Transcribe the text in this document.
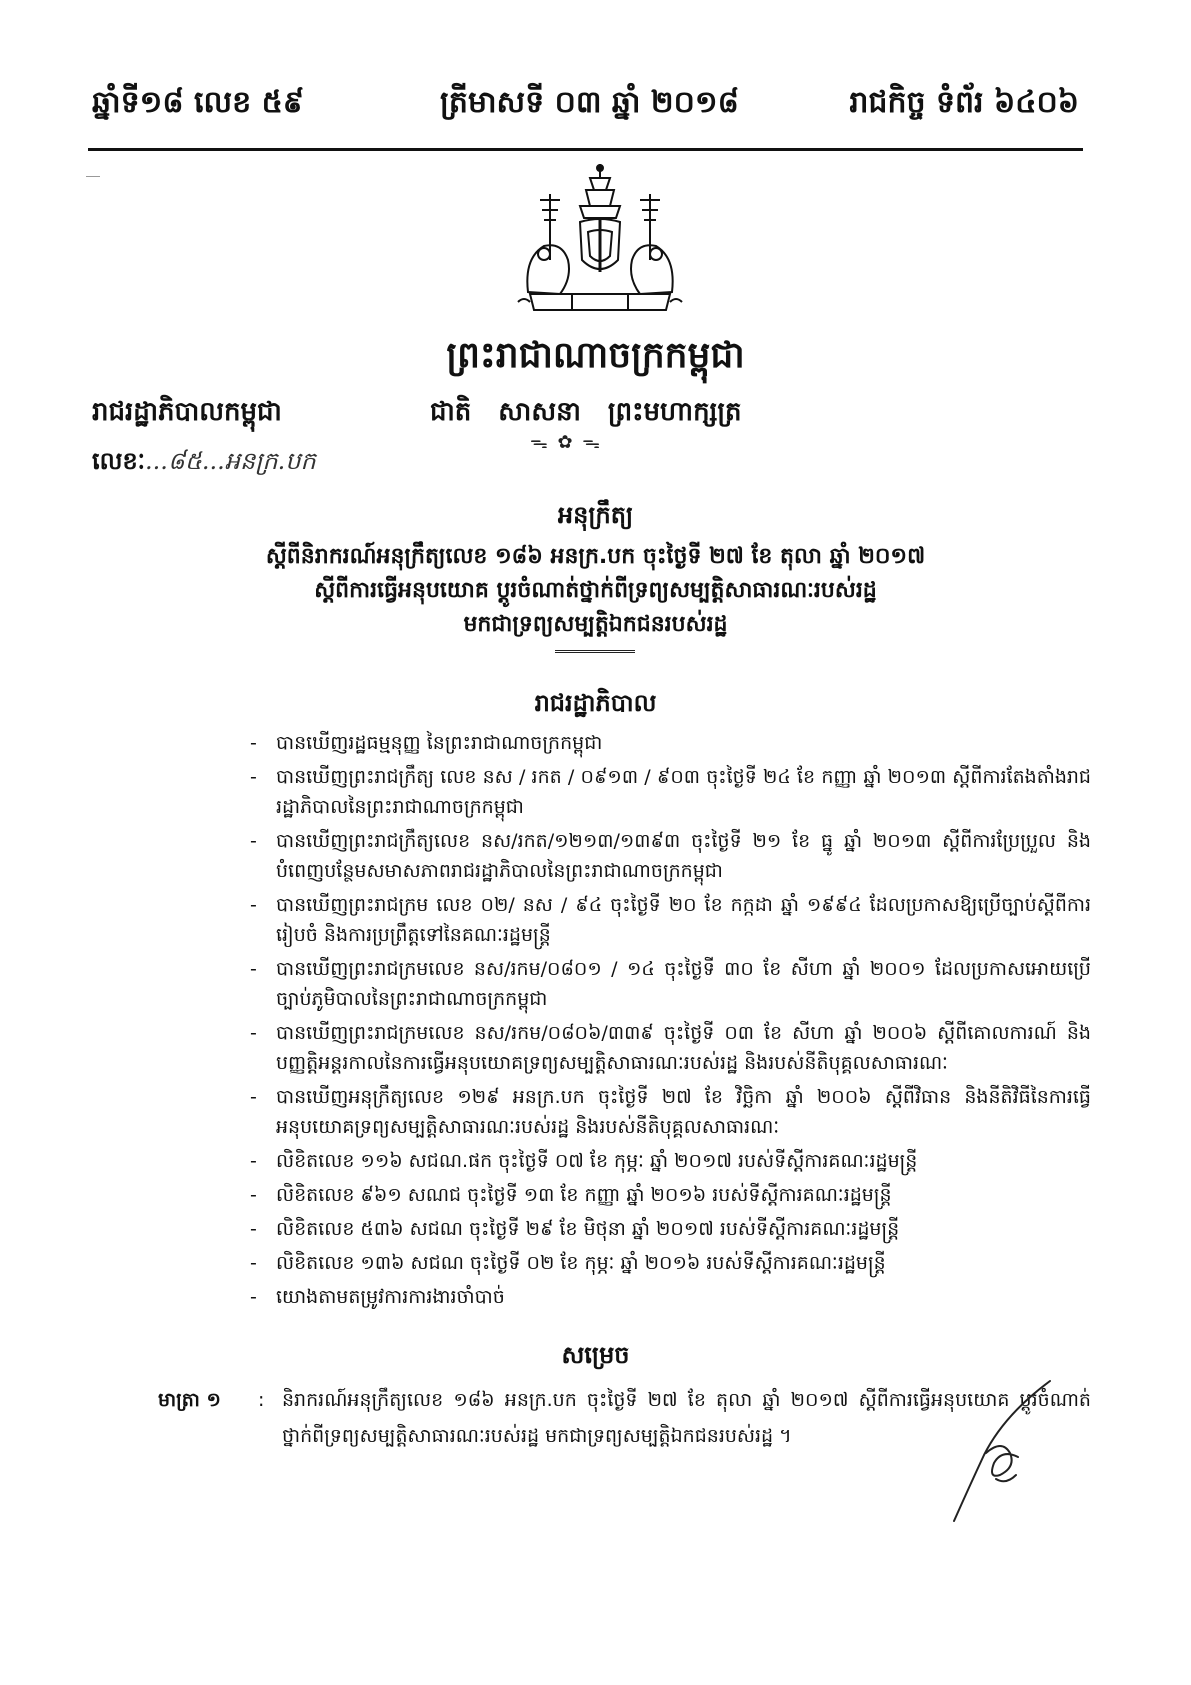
ឆ្នាំទី១៨ លេខ ៥៩	ត្រីមាសទី ០៣ ឆ្នាំ ២០១៨	រាជកិច្ច ទំព័រ ៦៤០៦
ព្រះរាជាណាចក្រកម្ពុជា
រាជរដ្ឋាភិបាលកម្ពុជា	ជាតិ សាសនា ព្រះមហាក្សត្រ
ᯓ ✿ ᯓ
លេខៈ...៨៥...អនក្រ.បក
អនុក្រឹត្យ
ស្តីពីនិរាករណ៍អនុក្រឹត្យលេខ ១៨៦ អនក្រ.បក ចុះថ្ងៃទី ២៧ ខែ តុលា ឆ្នាំ ២០១៧
ស្តីពីការធ្វើអនុបយោគ ប្តូរចំណាត់ថ្នាក់ពីទ្រព្យសម្បត្តិសាធារណៈរបស់រដ្ឋ
មកជាទ្រព្យសម្បត្តិឯកជនរបស់រដ្ឋ
រាជរដ្ឋាភិបាល
- បានឃើញរដ្ឋធម្មនុញ្ញ នៃព្រះរាជាណាចក្រកម្ពុជា
- បានឃើញព្រះរាជក្រឹត្យ លេខ នស / រកត / ០៩១៣ / ៩០៣ ចុះថ្ងៃទី ២៤ ខែ កញ្ញា ឆ្នាំ ២០១៣ ស្តីពីការតែងតាំងរាជរដ្ឋាភិបាលនៃព្រះរាជាណាចក្រកម្ពុជា
- បានឃើញព្រះរាជក្រឹត្យលេខ នស/រកត/១២១៣/១៣៩៣ ចុះថ្ងៃទី ២១ ខែ ធ្នូ ឆ្នាំ ២០១៣ ស្តីពីការប្រែប្រួល និងបំពេញបន្ថែមសមាសភាពរាជរដ្ឋាភិបាលនៃព្រះរាជាណាចក្រកម្ពុជា
- បានឃើញព្រះរាជក្រម លេខ ០២/ នស / ៩៤ ចុះថ្ងៃទី ២០ ខែ កក្កដា ឆ្នាំ ១៩៩៤ ដែលប្រកាសឱ្យប្រើច្បាប់ស្តីពីការរៀបចំ និងការប្រព្រឹត្តទៅនៃគណៈរដ្ឋមន្ត្រី
- បានឃើញព្រះរាជក្រមលេខ នស/រកម/០៨០១ / ១៤ ចុះថ្ងៃទី ៣០ ខែ សីហា ឆ្នាំ ២០០១ ដែលប្រកាសអោយប្រើច្បាប់ភូមិបាលនៃព្រះរាជាណាចក្រកម្ពុជា
- បានឃើញព្រះរាជក្រមលេខ នស/រកម/០៨០៦/៣៣៩ ចុះថ្ងៃទី ០៣ ខែ សីហា ឆ្នាំ ២០០៦ ស្តីពីគោលការណ៍ និងបញ្ញត្តិអន្តរកាលនៃការធ្វើអនុបយោគទ្រព្យសម្បត្តិសាធារណៈរបស់រដ្ឋ និងរបស់នីតិបុគ្គលសាធារណៈ
- បានឃើញអនុក្រឹត្យលេខ ១២៩ អនក្រ.បក ចុះថ្ងៃទី ២៧ ខែ វិច្ឆិកា ឆ្នាំ ២០០៦ ស្តីពីវិធាន និងនីតិវិធីនៃការធ្វើអនុបយោគទ្រព្យសម្បត្តិសាធារណៈរបស់រដ្ឋ និងរបស់នីតិបុគ្គលសាធារណៈ
- លិខិតលេខ ១១៦ សជណ.ផក ចុះថ្ងៃទី ០៧ ខែ កុម្ភៈ ឆ្នាំ ២០១៧ របស់ទីស្តីការគណៈរដ្ឋមន្ត្រី
- លិខិតលេខ ៩៦១ សណជ ចុះថ្ងៃទី ១៣ ខែ កញ្ញា ឆ្នាំ ២០១៦ របស់ទីស្តីការគណៈរដ្ឋមន្ត្រី
- លិខិតលេខ ៥៣៦ សជណ ចុះថ្ងៃទី ២៩ ខែ មិថុនា ឆ្នាំ ២០១៧ របស់ទីស្តីការគណៈរដ្ឋមន្ត្រី
- លិខិតលេខ ១៣៦ សជណ ចុះថ្ងៃទី ០២ ខែ កុម្ភៈ ឆ្នាំ ២០១៦ របស់ទីស្តីការគណៈរដ្ឋមន្ត្រី
- យោងតាមតម្រូវការការងារចាំបាច់
សម្រេច
មាត្រា ១ : និរាករណ៍អនុក្រឹត្យលេខ ១៨៦ អនក្រ.បក ចុះថ្ងៃទី ២៧ ខែ តុលា ឆ្នាំ ២០១៧ ស្តីពីការធ្វើអនុបយោគ ប្តូរចំណាត់ថ្នាក់ពីទ្រព្យសម្បត្តិសាធារណៈរបស់រដ្ឋ មកជាទ្រព្យសម្បត្តិឯកជនរបស់រដ្ឋ ។
